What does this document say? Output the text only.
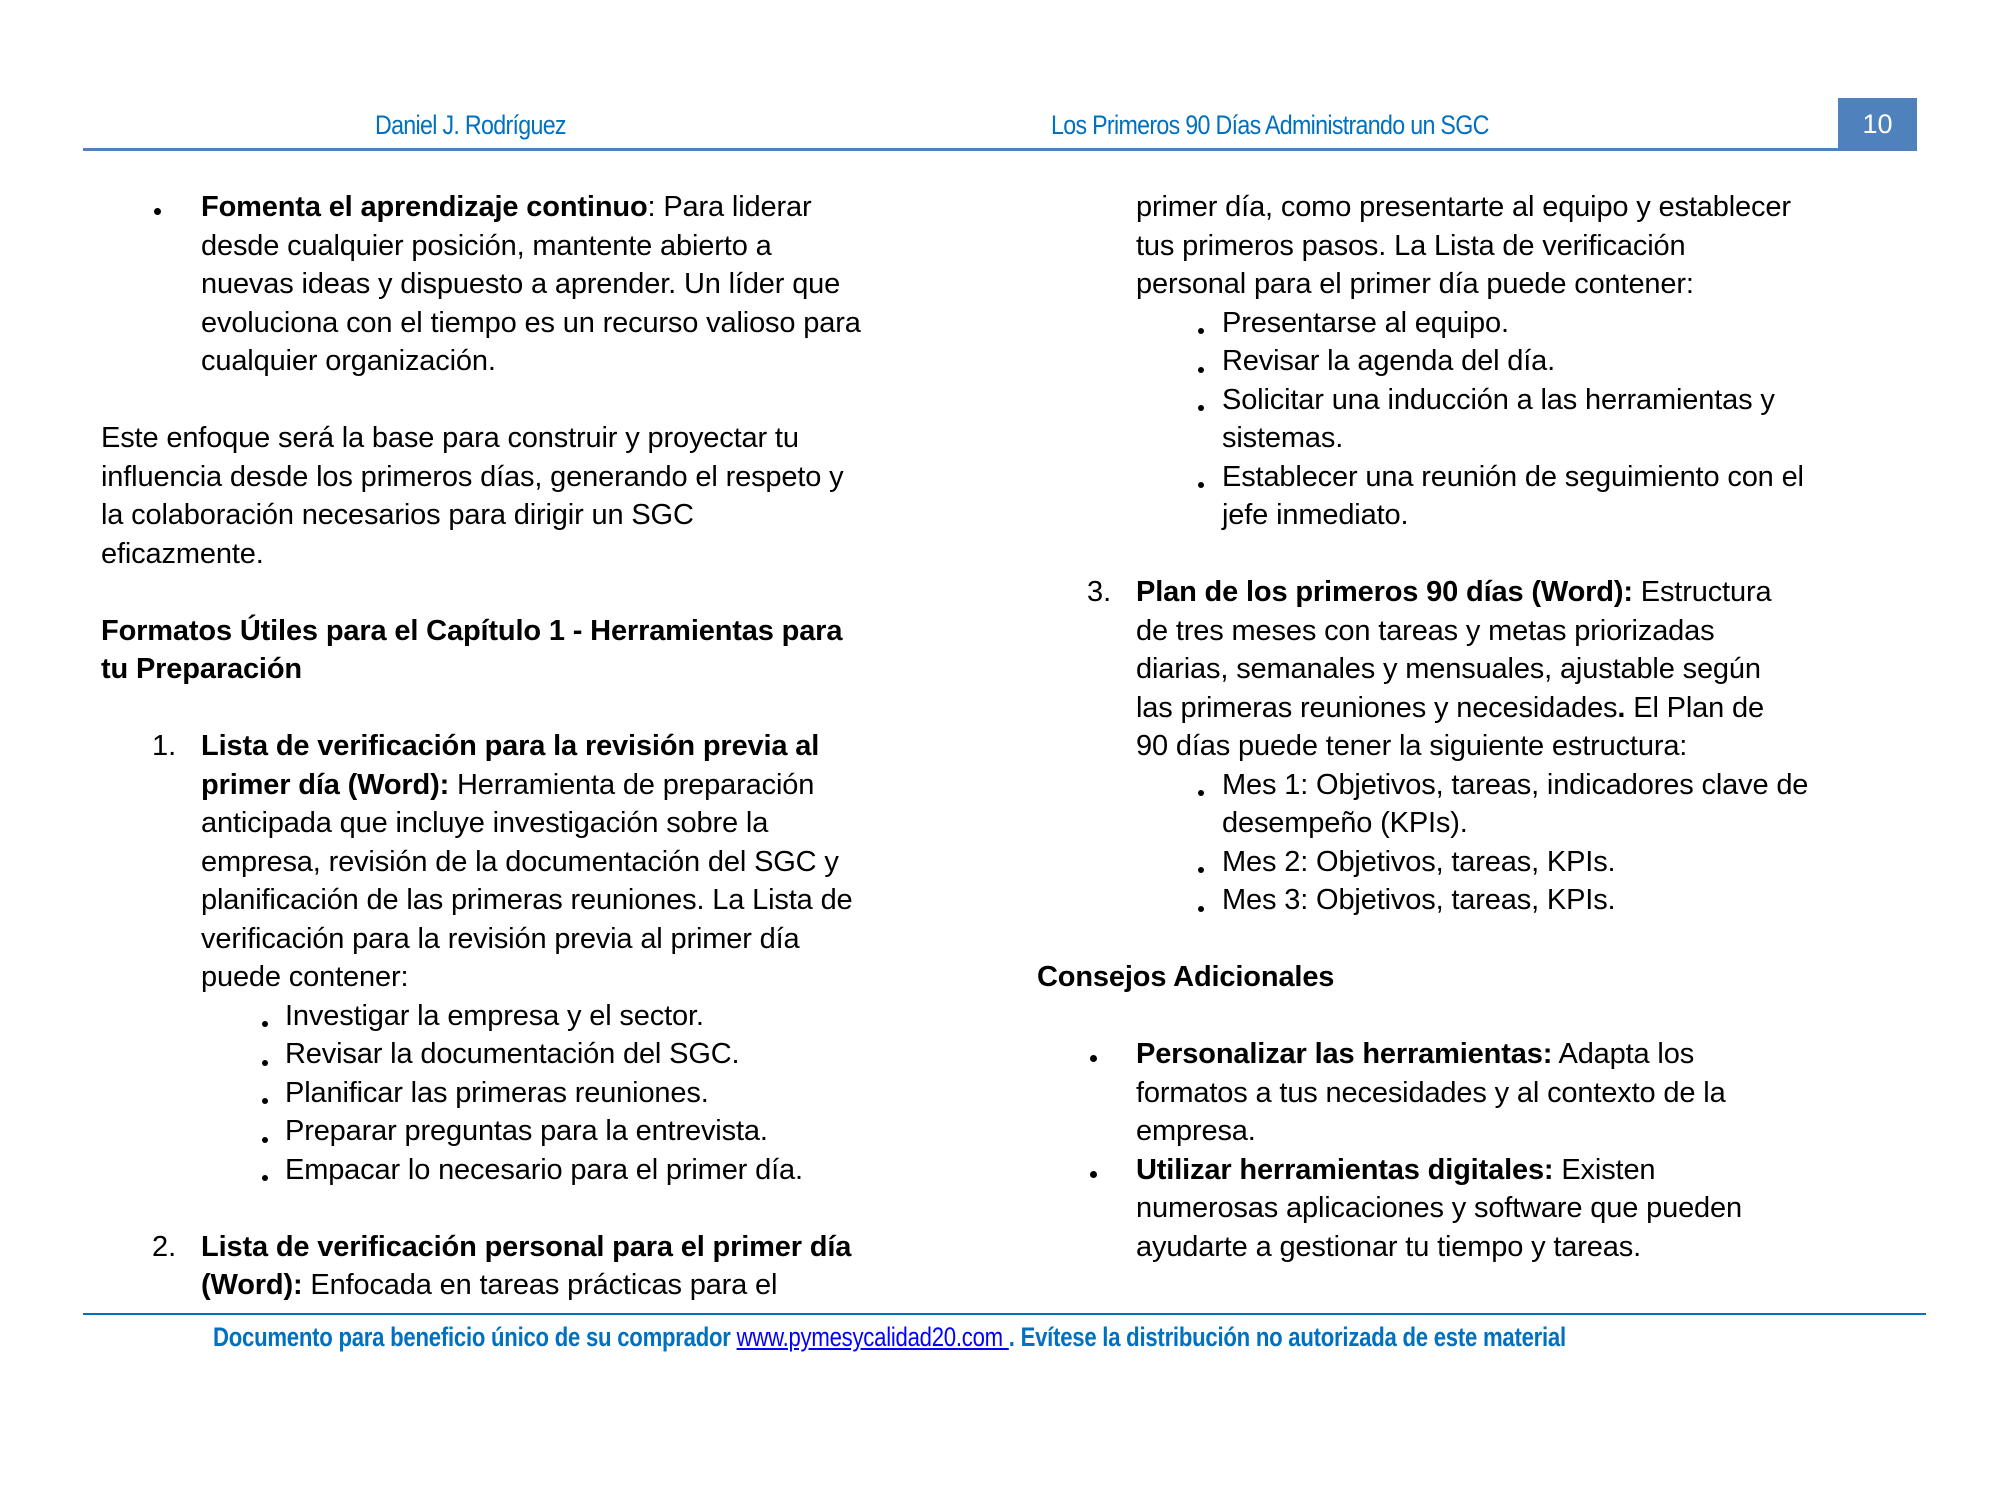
Daniel J. Rodríguez	Los Primeros 90 Días Administrando un SGC	10
Fomenta el aprendizaje continuo: Para liderar
desde cualquier posición, mantente abierto a
nuevas ideas y dispuesto a aprender. Un líder que
evoluciona con el tiempo es un recurso valioso para
cualquier organización.
Este enfoque será la base para construir y proyectar tu
influencia desde los primeros días, generando el respeto y
la colaboración necesarios para dirigir un SGC
eficazmente.
Formatos Útiles para el Capítulo 1 - Herramientas para
tu Preparación
1. Lista de verificación para la revisión previa al
primer día (Word): Herramienta de preparación
anticipada que incluye investigación sobre la
empresa, revisión de la documentación del SGC y
planificación de las primeras reuniones. La Lista de
verificación para la revisión previa al primer día
puede contener:
Investigar la empresa y el sector.
Revisar la documentación del SGC.
Planificar las primeras reuniones.
Preparar preguntas para la entrevista.
Empacar lo necesario para el primer día.
2. Lista de verificación personal para el primer día
(Word): Enfocada en tareas prácticas para el
primer día, como presentarte al equipo y establecer
tus primeros pasos. La Lista de verificación
personal para el primer día puede contener:
Presentarse al equipo.
Revisar la agenda del día.
Solicitar una inducción a las herramientas y
sistemas.
Establecer una reunión de seguimiento con el
jefe inmediato.
3. Plan de los primeros 90 días (Word): Estructura
de tres meses con tareas y metas priorizadas
diarias, semanales y mensuales, ajustable según
las primeras reuniones y necesidades. El Plan de
90 días puede tener la siguiente estructura:
Mes 1: Objetivos, tareas, indicadores clave de
desempeño (KPIs).
Mes 2: Objetivos, tareas, KPIs.
Mes 3: Objetivos, tareas, KPIs.
Consejos Adicionales
Personalizar las herramientas: Adapta los
formatos a tus necesidades y al contexto de la
empresa.
Utilizar herramientas digitales: Existen
numerosas aplicaciones y software que pueden
ayudarte a gestionar tu tiempo y tareas.
Documento para beneficio único de su comprador www.pymesycalidad20.com . Evítese la distribución no autorizada de este material
